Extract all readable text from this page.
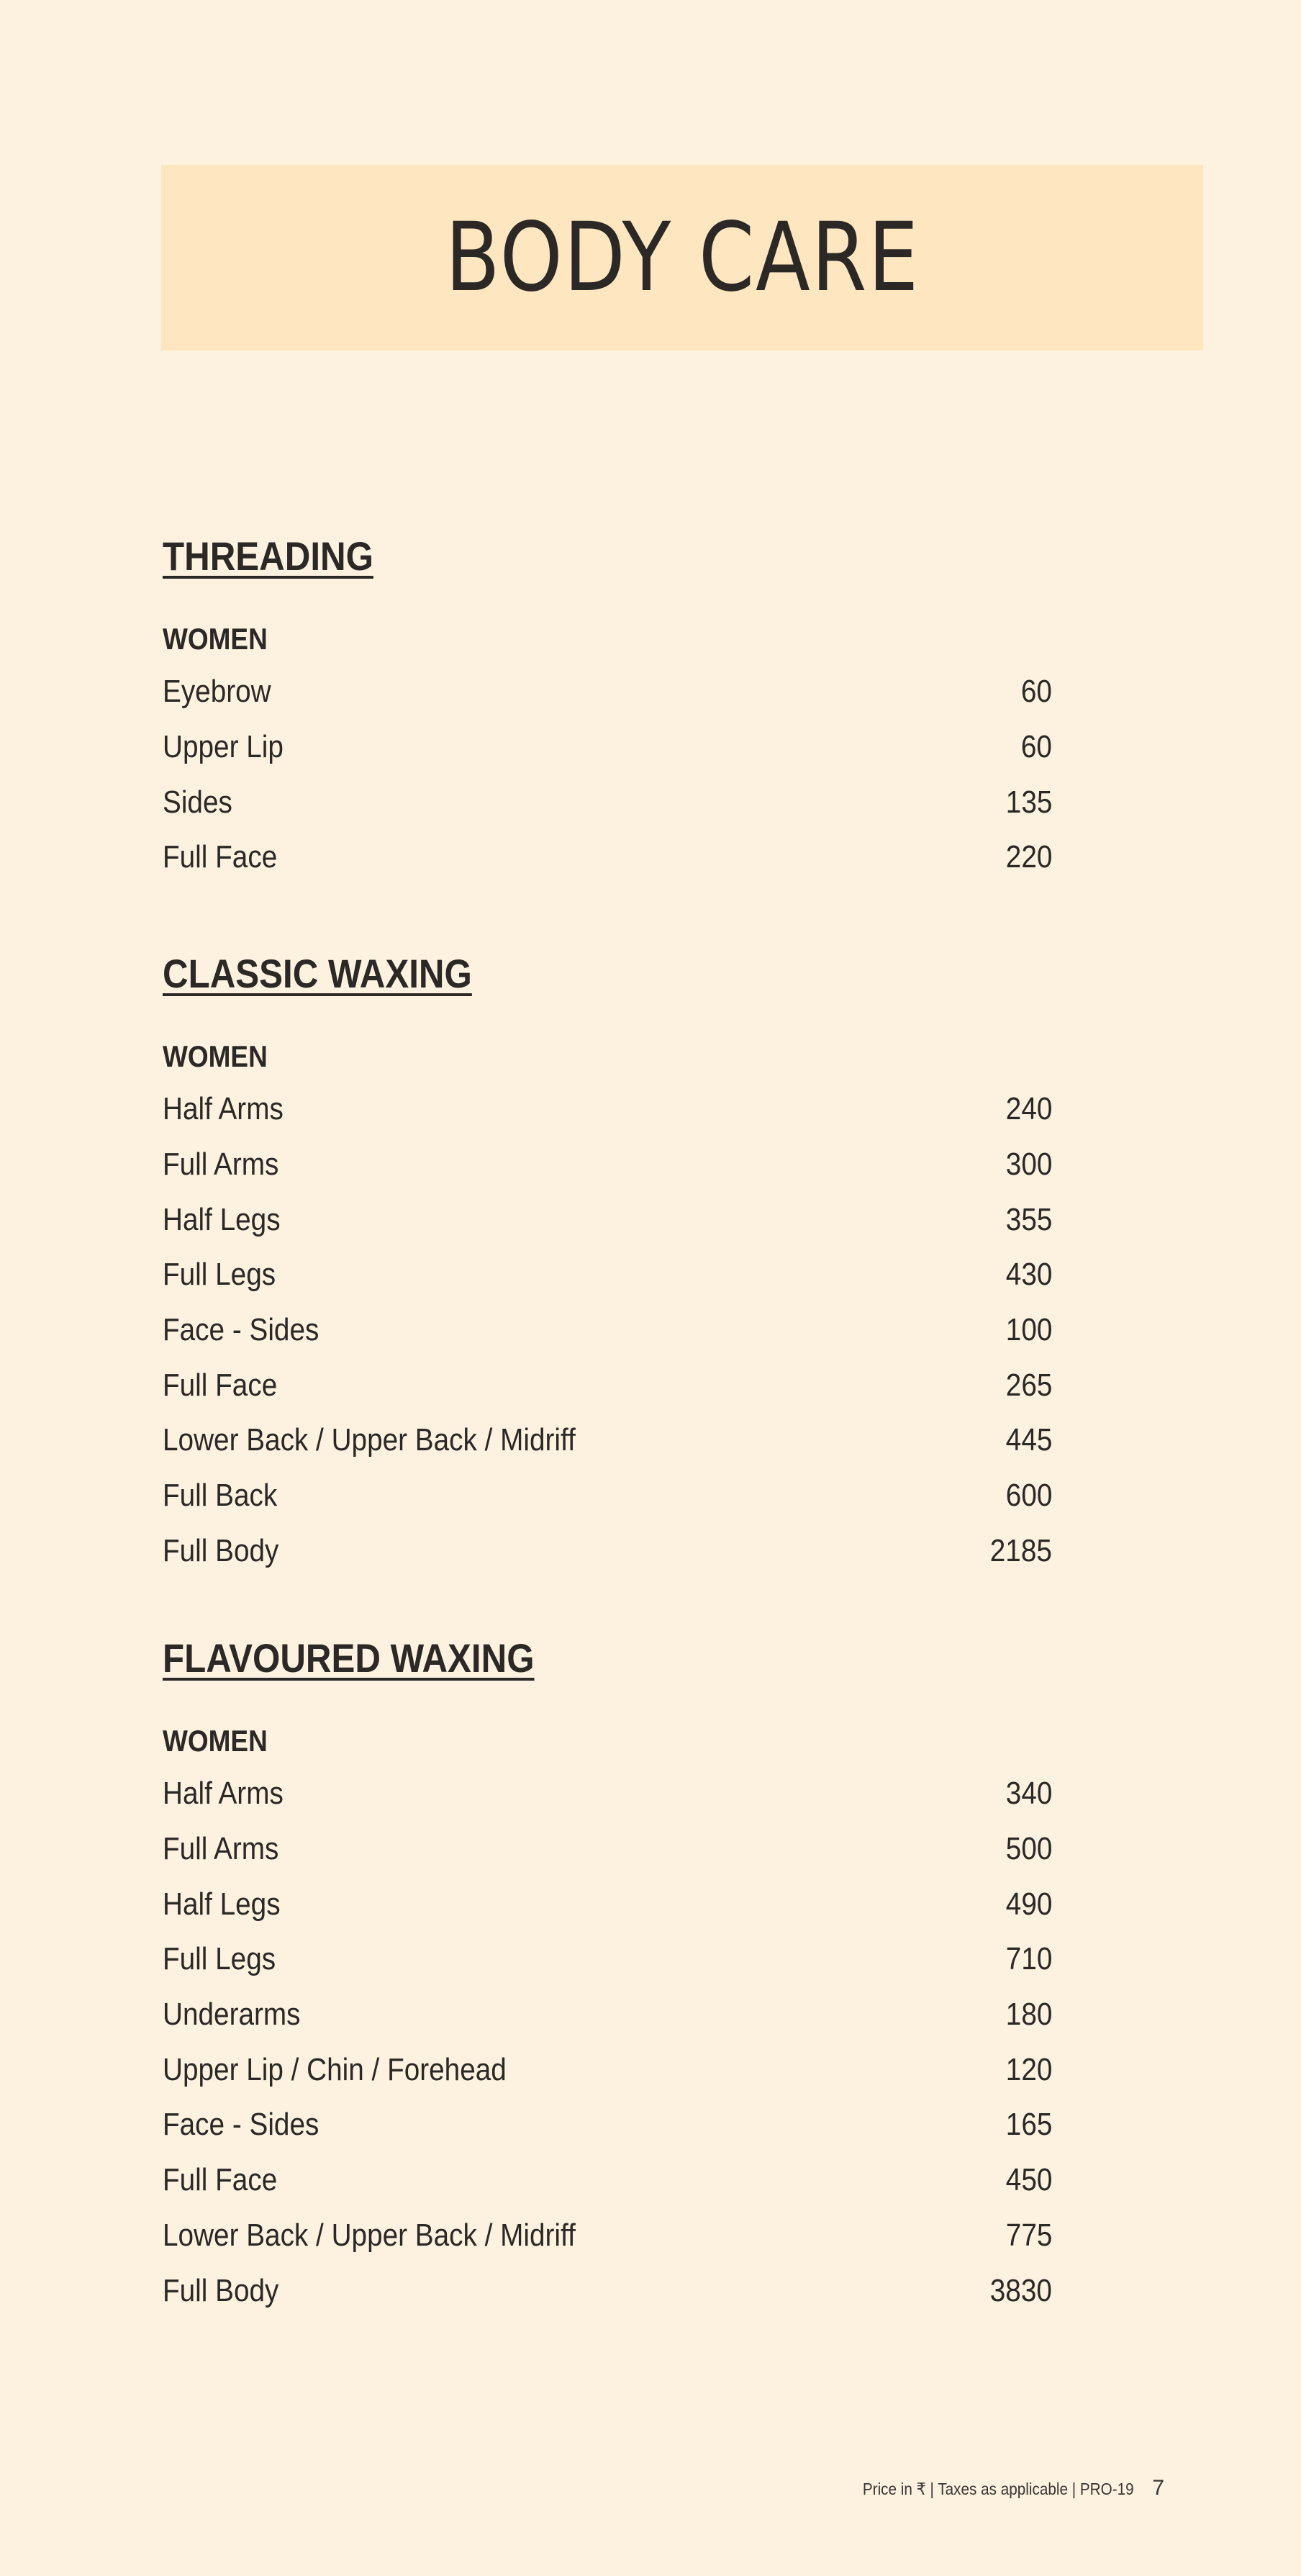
BODY CARE
THREADING
WOMEN
Eyebrow	60
Upper Lip	60
Sides	135
Full Face	220
CLASSIC WAXING
WOMEN
Half Arms	240
Full Arms	300
Half Legs	355
Full Legs	430
Face - Sides	100
Full Face	265
Lower Back / Upper Back / Midriff	445
Full Back	600
Full Body	2185
FLAVOURED WAXING
WOMEN
Half Arms	340
Full Arms	500
Half Legs	490
Full Legs	710
Underarms	180
Upper Lip / Chin / Forehead	120
Face - Sides	165
Full Face	450
Lower Back / Upper Back / Midriff	775
Full Body	3830
Price in ₹ | Taxes as applicable | PRO-19 7
